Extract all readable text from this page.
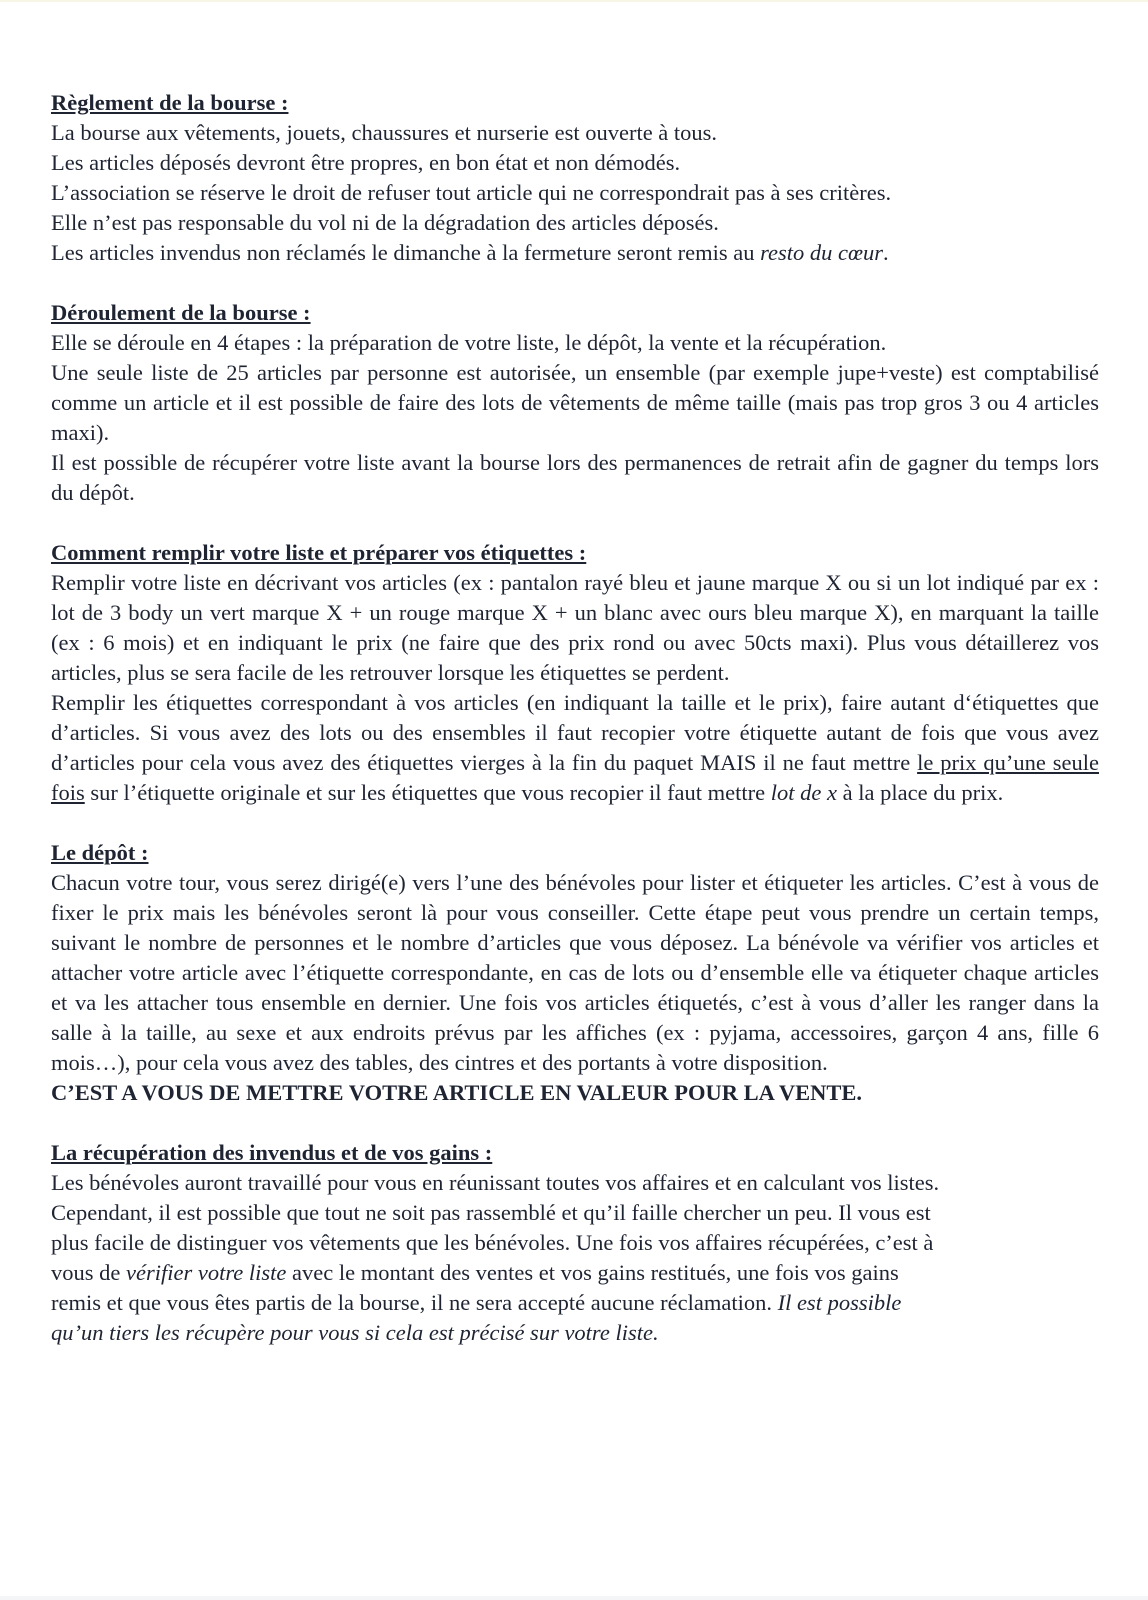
Règlement de la bourse :

La bourse aux vêtements, jouets, chaussures et nurserie est ouverte à tous.

Les articles déposés devront être propres, en bon état et non démodés.

L’association se réserve le droit de refuser tout article qui ne correspondrait pas à ses critères.

Elle n’est pas responsable du vol ni de la dégradation des articles déposés.

Les articles invendus non réclamés le dimanche à la fermeture seront remis au resto du cœur.

Déroulement de la bourse :

Elle se déroule en 4 étapes : la préparation de votre liste, le dépôt, la vente et la récupération.

Une seule liste de 25 articles par personne est autorisée, un ensemble (par exemple jupe+veste) est comptabilisé comme un article et il est possible de faire des lots de vêtements de même taille (mais pas trop gros 3 ou 4 articles maxi).

Il est possible de récupérer votre liste avant la bourse lors des permanences de retrait afin de gagner du temps lors du dépôt.

Comment remplir votre liste et préparer vos étiquettes :

Remplir votre liste en décrivant vos articles (ex : pantalon rayé bleu et jaune marque X ou si un lot indiqué par ex : lot de 3 body un vert marque X + un rouge marque X + un blanc avec ours bleu marque X), en marquant la taille (ex : 6 mois) et en indiquant le prix (ne faire que des prix rond ou avec 50cts maxi). Plus vous détaillerez vos articles, plus se sera facile de les retrouver lorsque les étiquettes se perdent.

Remplir les étiquettes correspondant à vos articles (en indiquant la taille et le prix), faire autant d‘étiquettes que d’articles. Si vous avez des lots ou des ensembles il faut recopier votre étiquette autant de fois que vous avez d’articles pour cela vous avez des étiquettes vierges à la fin du paquet MAIS il ne faut mettre le prix qu’une seule fois sur l’étiquette originale et sur les étiquettes que vous recopier il faut mettre lot de x à la place du prix.

Le dépôt :

Chacun votre tour, vous serez dirigé(e) vers l’une des bénévoles pour lister et étiqueter les articles. C’est à vous de fixer le prix mais les bénévoles seront là pour vous conseiller. Cette étape peut vous prendre un certain temps, suivant le nombre de personnes et le nombre d’articles que vous déposez. La bénévole va vérifier vos articles et attacher votre article avec l’étiquette correspondante, en cas de lots ou d’ensemble elle va étiqueter chaque articles et va les attacher tous ensemble en dernier. Une fois vos articles étiquetés, c’est à vous d’aller les ranger dans la salle à la taille, au sexe et aux endroits prévus par les affiches (ex : pyjama, accessoires, garçon 4 ans, fille 6 mois…), pour cela vous avez des tables, des cintres et des portants à votre disposition.

C’EST A VOUS DE METTRE VOTRE ARTICLE EN VALEUR POUR LA VENTE.

La récupération des invendus et de vos gains :

Les bénévoles auront travaillé pour vous en réunissant toutes vos affaires et en calculant vos listes.

Cependant, il est possible que tout ne soit pas rassemblé et qu’il faille chercher un peu. Il vous est

plus facile de distinguer vos vêtements que les bénévoles. Une fois vos affaires récupérées, c’est à

vous de vérifier votre liste avec le montant des ventes et vos gains restitués, une fois vos gains

remis et que vous êtes partis de la bourse, il ne sera accepté aucune réclamation. Il est possible

qu’un tiers les récupère pour vous si cela est précisé sur votre liste.
